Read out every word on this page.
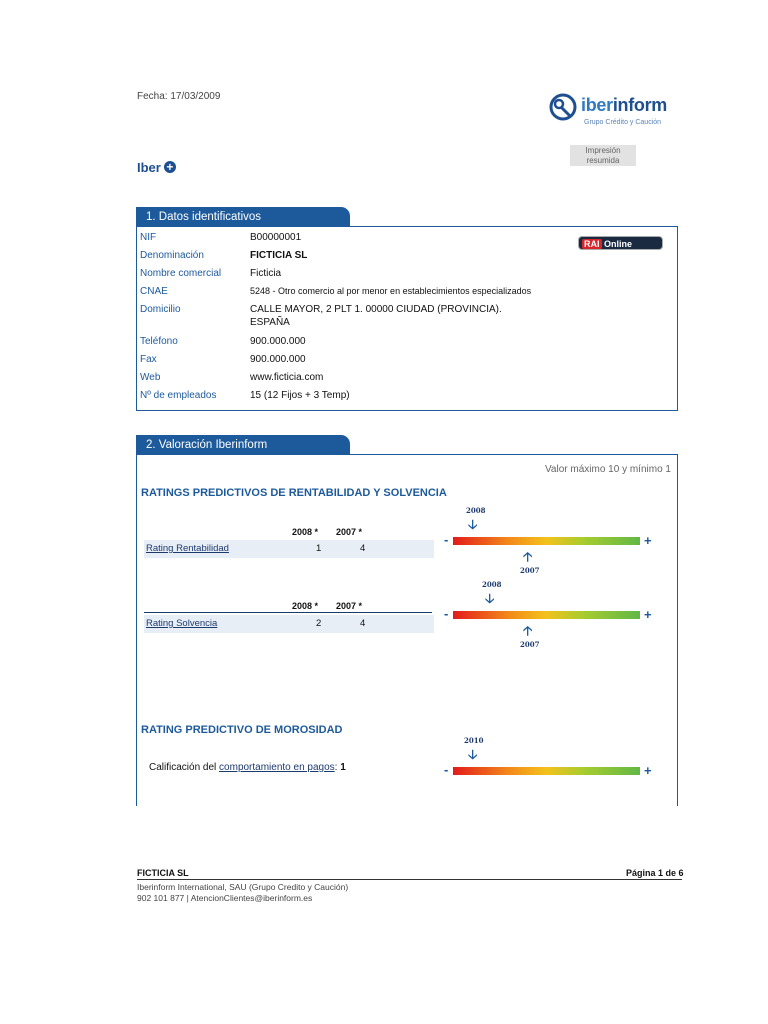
Fecha: 17/03/2009	iberinform
Grupo Crédito y Caución
Impresión
resumida
Iber +
1. Datos identificativos
NIF	B00000001
Denominación	FICTICIA SL
Nombre comercial	Ficticia
CNAE	5248 - Otro comercio al por menor en establecimientos especializados
Domicilio	CALLE MAYOR, 2 PLT 1. 00000 CIUDAD (PROVINCIA).
ESPAÑA
Teléfono	900.000.000
Fax	900.000.000
Web	www.ficticia.com
Nº de empleados	15 (12 Fijos + 3 Temp)
RAI Online
2. Valoración Iberinform
Valor máximo 10 y mínimo 1
RATINGS PREDICTIVOS DE RENTABILIDAD Y SOLVENCIA
2008 * 2007 *
Rating Rentabilidad	1	4
2008
🡣
-	+
🡡
2007
2008
🡣
2008 * 2007 *
Rating Solvencia	2	4
-	+
🡡
2007
RATING PREDICTIVO DE MOROSIDAD
2010
🡣
Calificación del comportamiento en pagos: 1	-	+
FICTICIA SL	Página 1 de 6
Iberinform International, SAU (Grupo Credito y Caución)
902 101 877 | AtencionClientes@iberinform.es
